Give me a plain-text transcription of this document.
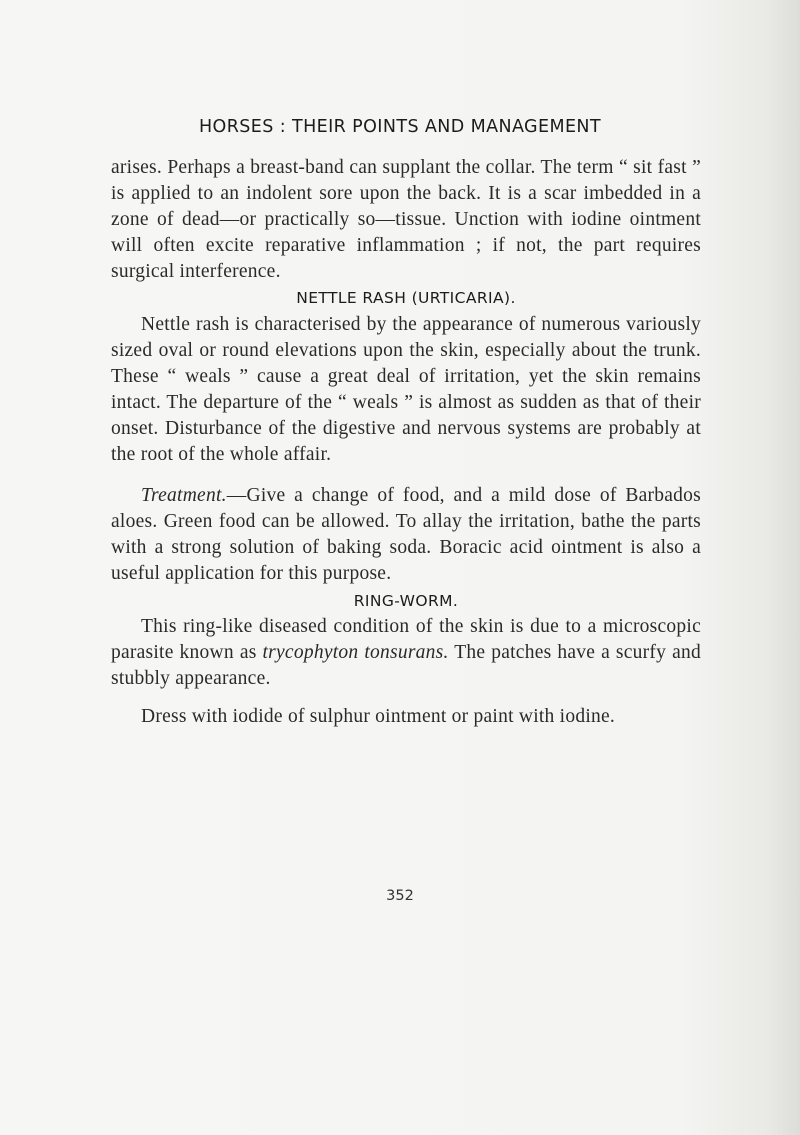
HORSES : THEIR POINTS AND MANAGEMENT

arises. Perhaps a breast-band can supplant the collar. The term “ sit fast ” is applied to an indolent sore upon the back. It is a scar imbedded in a zone of dead—or practically so—tissue. Unction with iodine ointment will often excite reparative inflammation ; if not, the part requires surgical interference.

NETTLE RASH (URTICARIA).

Nettle rash is characterised by the appearance of numerous variously sized oval or round elevations upon the skin, especially about the trunk. These “ weals ” cause a great deal of irritation, yet the skin remains intact. The departure of the “ weals ” is almost as sudden as that of their onset. Disturbance of the digestive and nervous systems are probably at the root of the whole affair.

Treatment.—Give a change of food, and a mild dose of Barbados aloes. Green food can be allowed. To allay the irritation, bathe the parts with a strong solution of baking soda. Boracic acid ointment is also a useful application for this purpose.

RING-WORM.

This ring-like diseased condition of the skin is due to a microscopic parasite known as trycophyton tonsurans. The patches have a scurfy and stubbly appearance.

Dress with iodide of sulphur ointment or paint with iodine.

352
